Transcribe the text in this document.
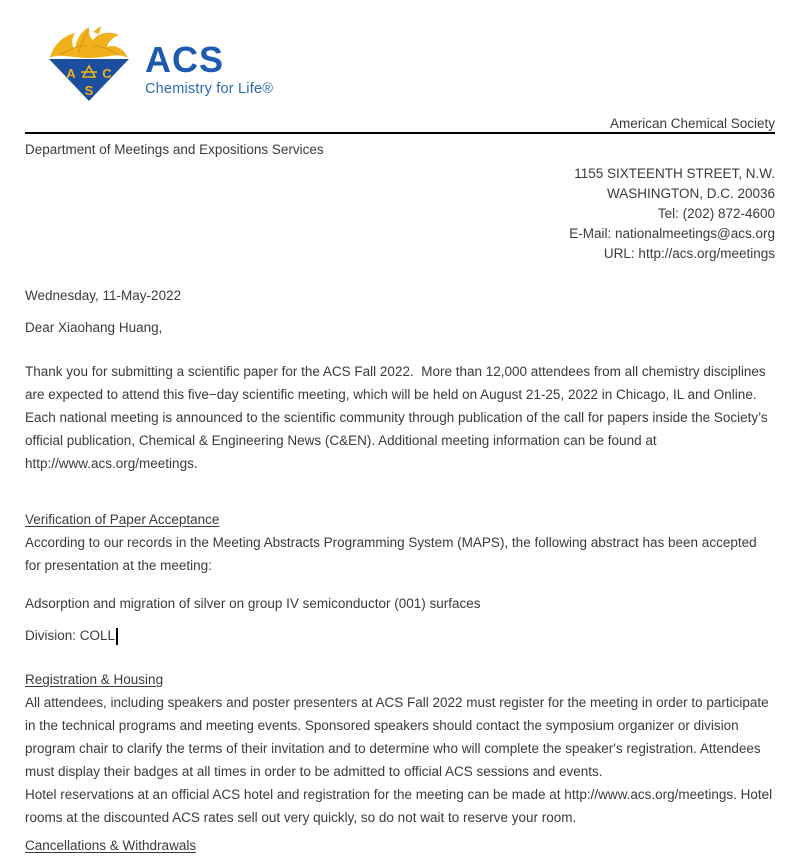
A C
S
ACS
Chemistry for Life®
American Chemical Society
Department of Meetings and Expositions Services
1155 SIXTEENTH STREET, N.W.
WASHINGTON, D.C. 20036
Tel: (202) 872-4600
E-Mail: nationalmeetings@acs.org
URL: http://acs.org/meetings
Wednesday, 11-May-2022
Dear Xiaohang Huang,
Thank you for submitting a scientific paper for the ACS Fall 2022.  More than 12,000 attendees from all chemistry disciplines are expected to attend this five−day scientific meeting, which will be held on August 21-25, 2022 in Chicago, IL and Online. Each national meeting is announced to the scientific community through publication of the call for papers inside the Society’s official publication, Chemical & Engineering News (C&EN). Additional meeting information can be found at http://www.acs.org/meetings.
Verification of Paper Acceptance
According to our records in the Meeting Abstracts Programming System (MAPS), the following abstract has been accepted for presentation at the meeting:
Adsorption and migration of silver on group IV semiconductor (001) surfaces
Division: COLL
Registration & Housing
All attendees, including speakers and poster presenters at ACS Fall 2022 must register for the meeting in order to participate in the technical programs and meeting events. Sponsored speakers should contact the symposium organizer or division program chair to clarify the terms of their invitation and to determine who will complete the speaker's registration. Attendees must display their badges at all times in order to be admitted to official ACS sessions and events.
Hotel reservations at an official ACS hotel and registration for the meeting can be made at http://www.acs.org/meetings. Hotel rooms at the discounted ACS rates sell out very quickly, so do not wait to reserve your room.
Cancellations & Withdrawals
